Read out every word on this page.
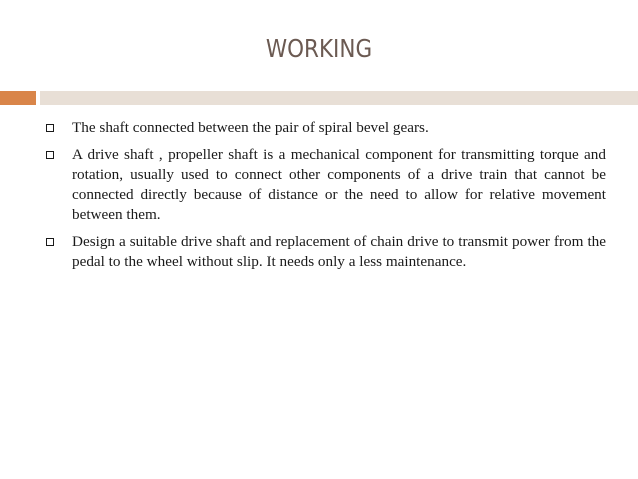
WORKING
The shaft connected between the pair of spiral bevel gears.
A drive shaft , propeller shaft is a mechanical component for transmitting torque and rotation, usually used to connect other components of a drive train that cannot be connected directly because of distance or the need to allow for relative movement between them.
Design a suitable drive shaft and replacement of chain drive to transmit power from the pedal to the wheel without slip. It needs only a less maintenance.
